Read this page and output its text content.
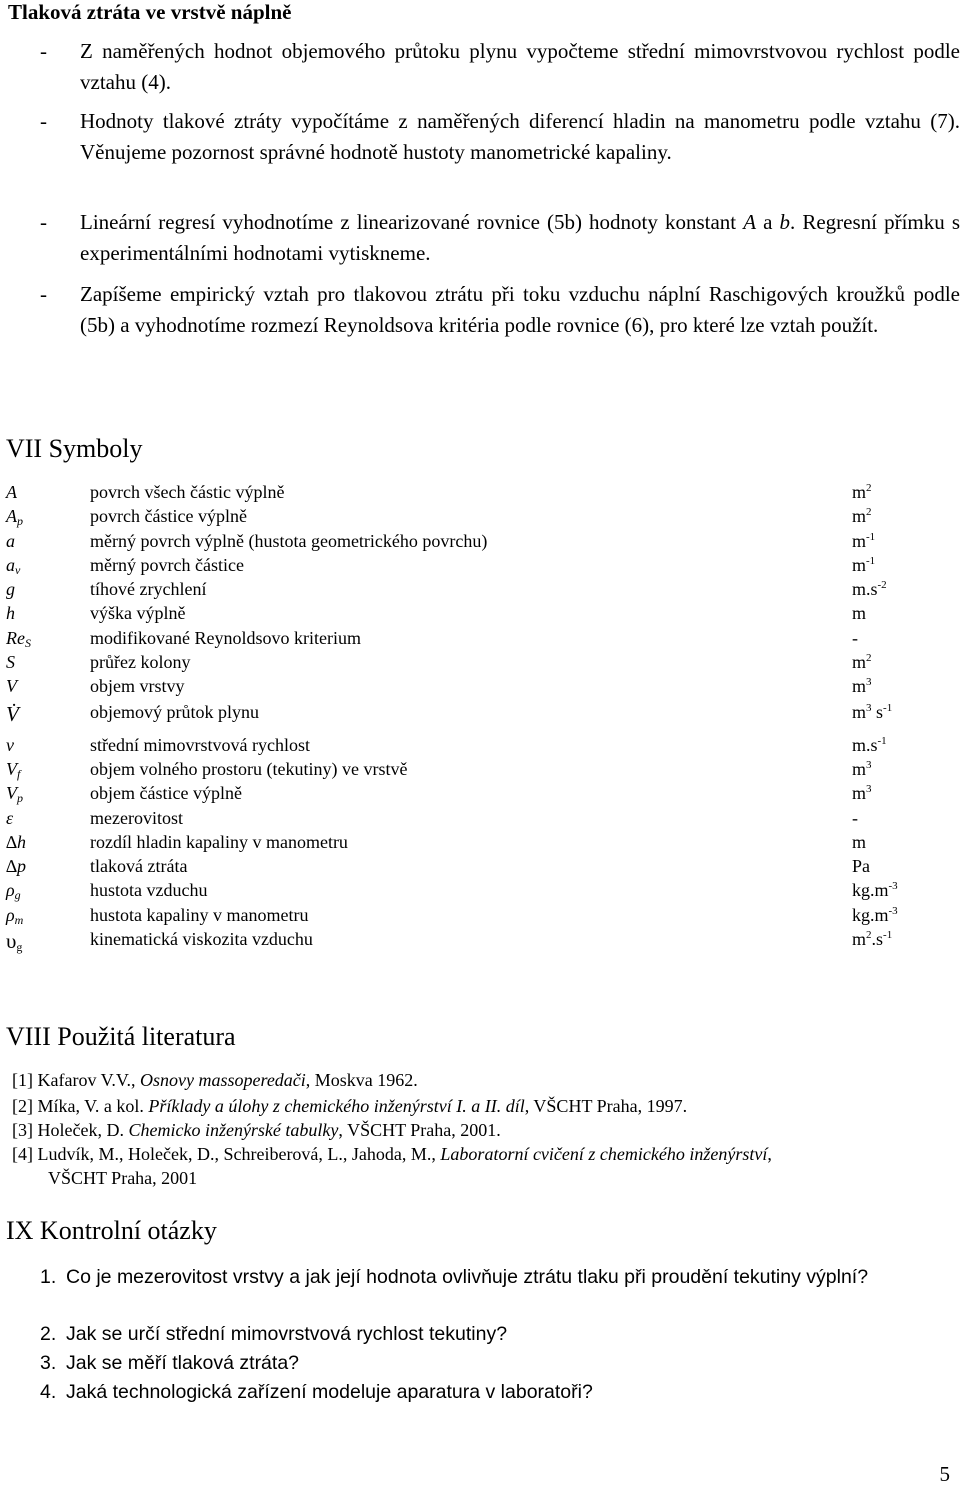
Tlaková ztráta ve vrstvě náplně
- Z naměřených hodnot objemového průtoku plynu vypočteme střední mimovrstvovou rychlost podle vztahu (4).
- Hodnoty tlakové ztráty vypočítáme z naměřených diferencí hladin na manometru podle vztahu (7). Věnujeme pozornost správné hodnotě hustoty manometrické kapaliny.
- Lineární regresí vyhodnotíme z linearizované rovnice (5b) hodnoty konstant A a b. Regresní přímku s experimentálními hodnotami vytiskneme.
- Zapíšeme empirický vztah pro tlakovou ztrátu při toku vzduchu náplní Raschigových kroužků podle (5b) a vyhodnotíme rozmezí Reynoldsova kritéria podle rovnice (6), pro které lze vztah použít.
VII Symboly
A	povrch všech částic výplně	$m^2$
$A_p$	povrch částice výplně	$m^2$
a	měrný povrch výplně (hustota geometrického povrchu)	$m^{-1}$
$a_v$	měrný povrch částice	$m^{-1}$
g	tíhové zrychlení	$m.s^{-2}$
h	výška výplně	m
$Re_S$	modifikované Reynoldsovo kriterium	-
S	průřez kolony	$m^2$
V	objem vrstvy	$m^3$
V̇	objemový průtok plynu	$m^3$ $s^{-1}$
v	střední mimovrstvová rychlost	$m.s^{-1}$
$V_f$	objem volného prostoru (tekutiny) ve vrstvě	$m^3$
$V_p$	objem částice výplně	$m^3$
ε	mezerovitost	-
∆h	rozdíl hladin kapaliny v manometru	m
∆p	tlaková ztráta	Pa
$\rho_g$	hustota vzduchu	$kg.m^{-3}$
$\rho_m$	hustota kapaliny v manometru	$kg.m^{-3}$
$\upsilon_g$	kinematická viskozita vzduchu	$m^2.s^{-1}$
VIII Použitá literatura
[1] Kafarov V.V., Osnovy massoperedači, Moskva 1962.
[2] Míka, V. a kol. Příklady a úlohy z chemického inženýrství I. a II. díl, VŠCHT Praha, 1997.
[3] Holeček, D. Chemicko inženýrské tabulky, VŠCHT Praha, 2001.
[4] Ludvík, M., Holeček, D., Schreiberová, L., Jahoda, M., Laboratorní cvičení z chemického inženýrství,
VŠCHT Praha, 2001
IX Kontrolní otázky
1. Co je mezerovitost vrstvy a jak její hodnota ovlivňuje ztrátu tlaku při proudění tekutiny výplní?
2. Jak se určí střední mimovrstvová rychlost tekutiny?
3. Jak se měří tlaková ztráta?
4. Jaká technologická zařízení modeluje aparatura v laboratoři?
5
